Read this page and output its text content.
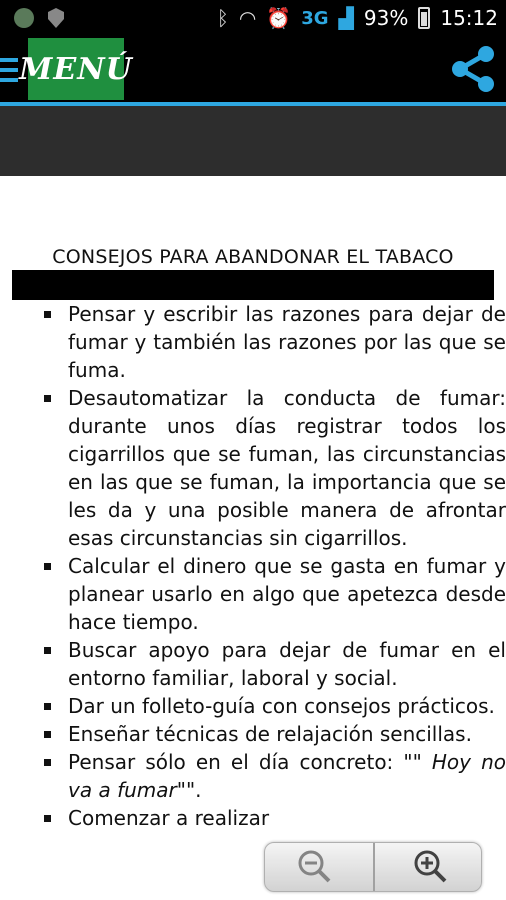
ᛒ ◠ ⏰ 3G ▟ 93% 15:12
MENÚ
CONSEJOS PARA ABANDONAR EL TABACO
Pensar y escribir las razones para dejar de fumar y también las razones por las que se fuma.
Desautomatizar la conducta de fumar: durante unos días registrar todos los cigarrillos que se fuman, las circunstancias en las que se fuman, la importancia que se les da y una posible manera de afrontar esas circunstancias sin cigarrillos.
Calcular el dinero que se gasta en fumar y planear usarlo en algo que apetezca desde hace tiempo.
Buscar apoyo para dejar de fumar en el entorno familiar, laboral y social.
Dar un folleto-guía con consejos prácticos.
Enseñar técnicas de relajación sencillas.
Pensar sólo en el día concreto: "" Hoy no va a fumar"".
Comenzar a realizar
